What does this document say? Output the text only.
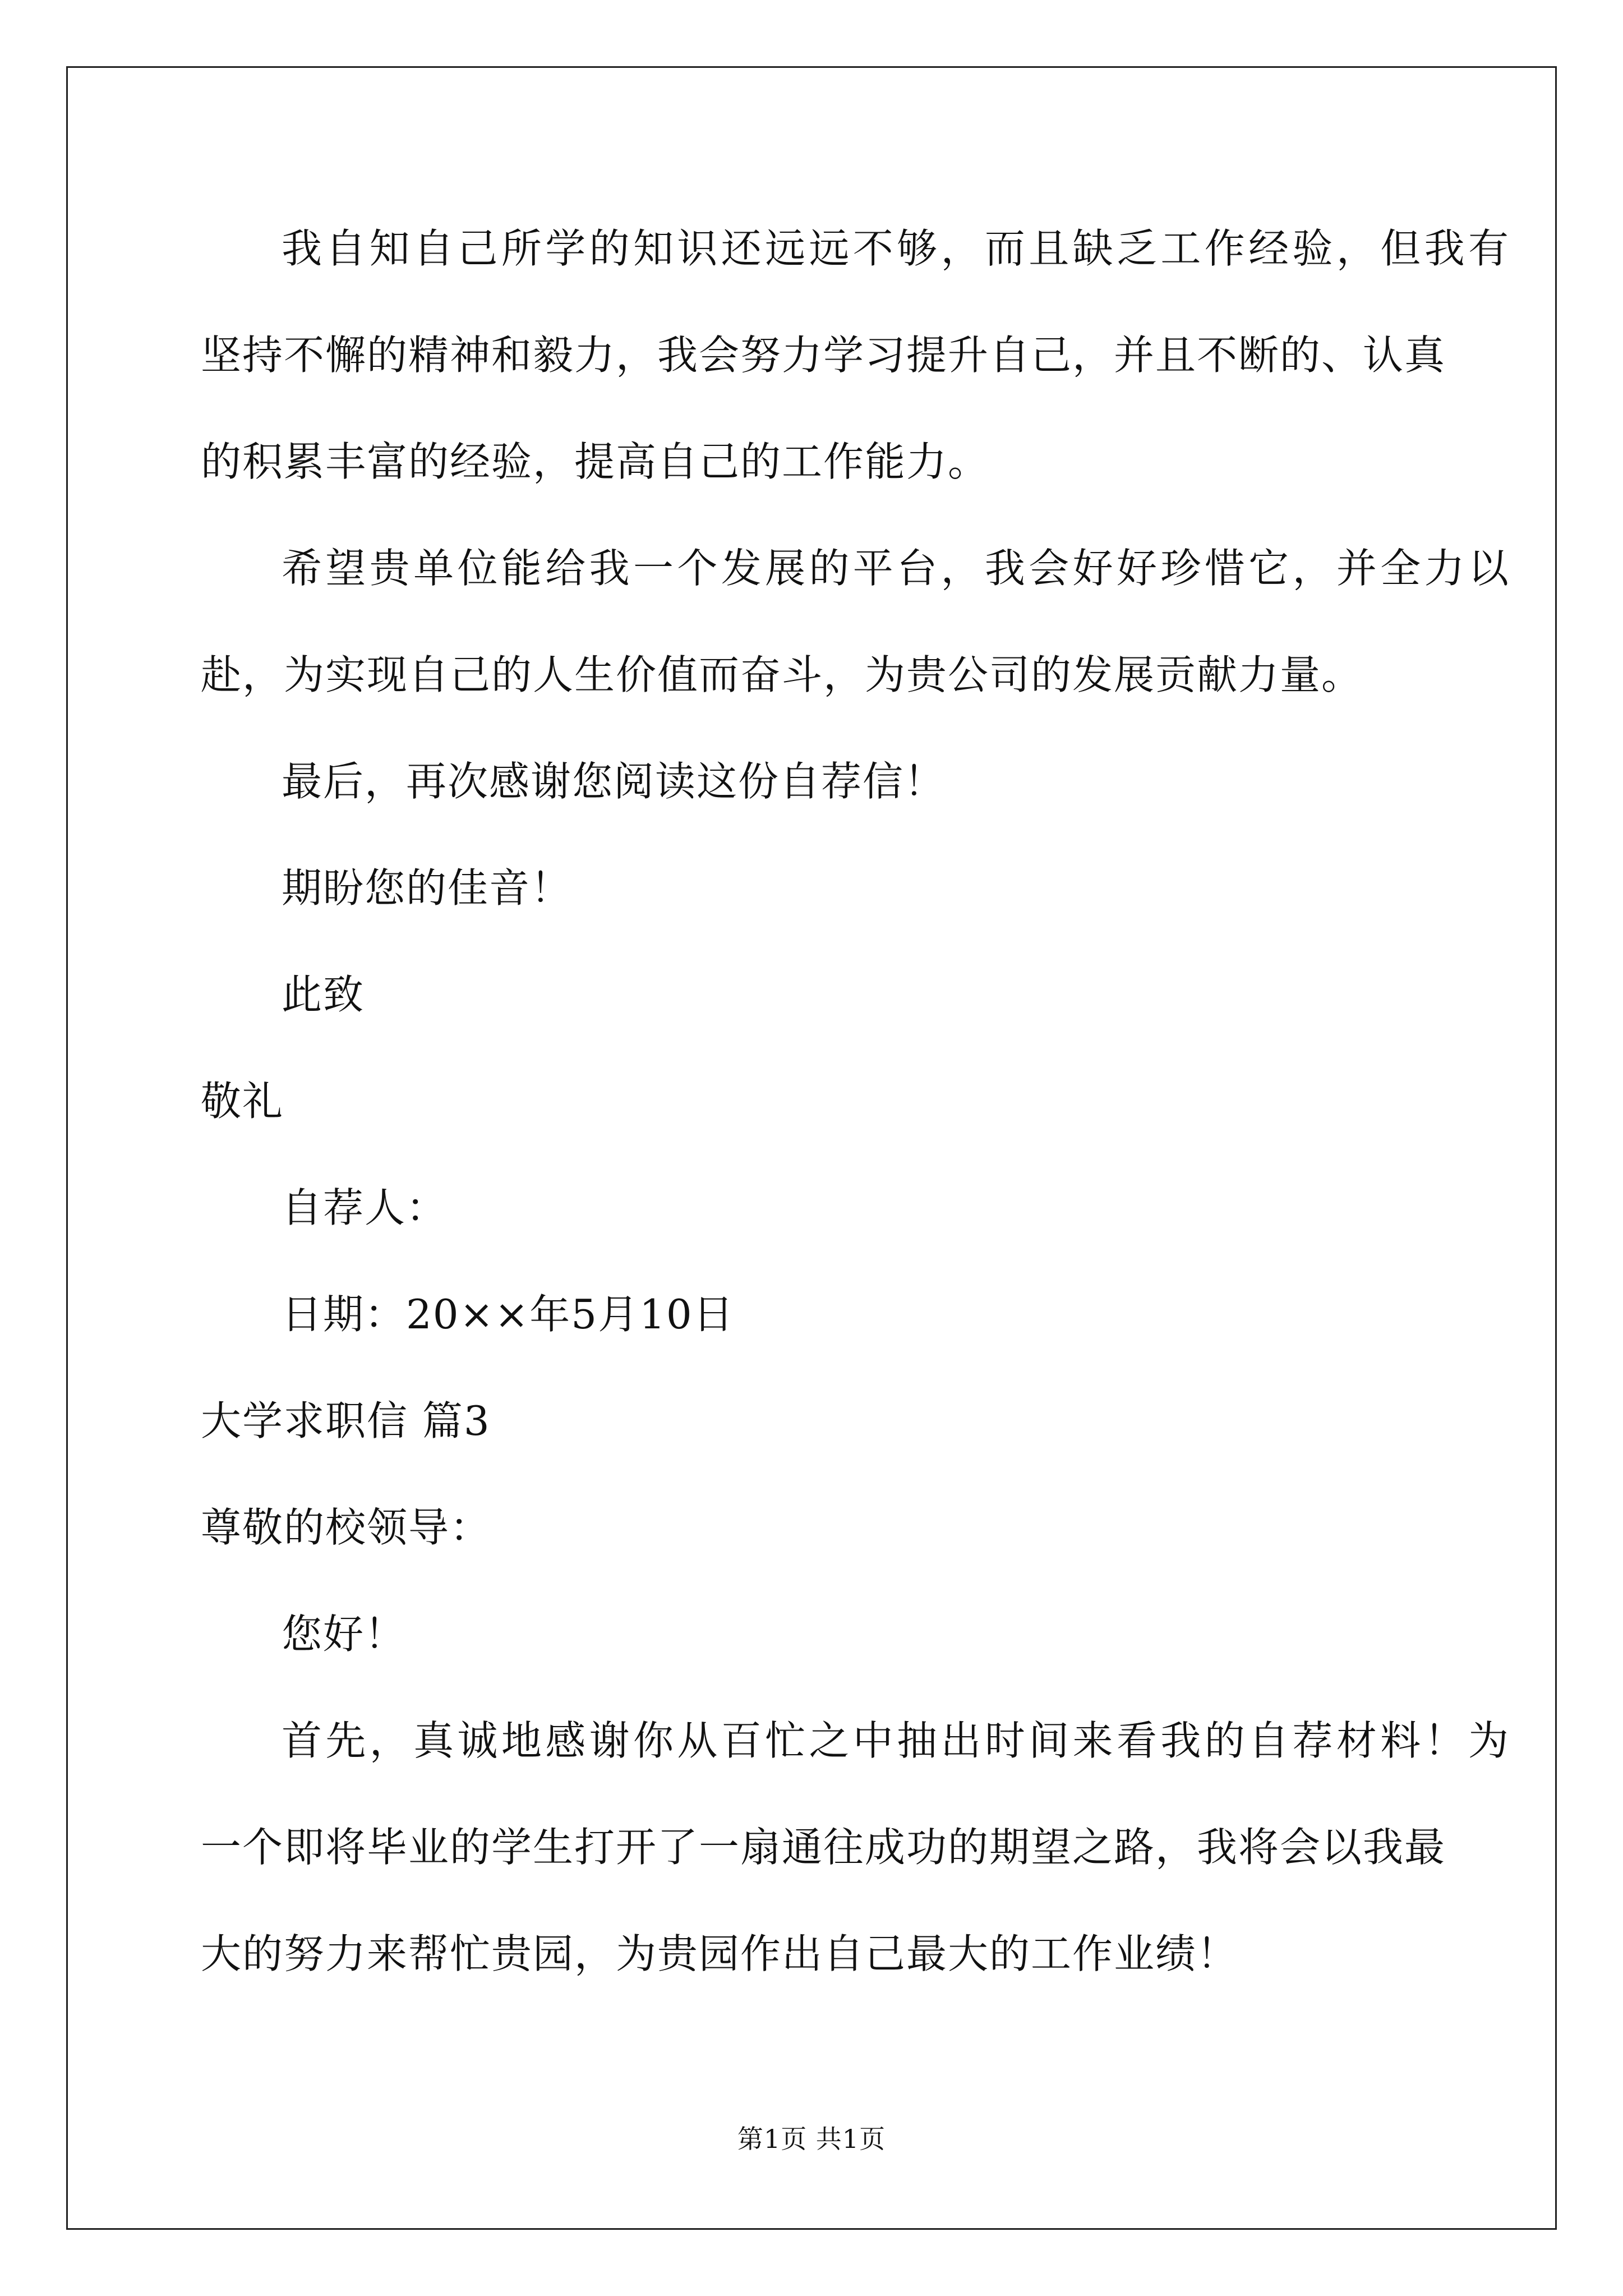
我自知自己所学的知识还远远不够，而且缺乏工作经验，但我有
坚持不懈的精神和毅力，我会努力学习提升自己，并且不断的、认真
的积累丰富的经验，提高自己的工作能力。
希望贵单位能给我一个发展的平台，我会好好珍惜它，并全力以
赴，为实现自己的人生价值而奋斗，为贵公司的发展贡献力量。
最后，再次感谢您阅读这份自荐信！
期盼您的佳音！
此致
敬礼
自荐人：
日期：20××年5月10日
大学求职信 篇3
尊敬的校领导：
您好！
首先，真诚地感谢你从百忙之中抽出时间来看我的自荐材料！为
一个即将毕业的学生打开了一扇通往成功的期望之路，我将会以我最
大的努力来帮忙贵园，为贵园作出自己最大的工作业绩！
第1页 共1页
